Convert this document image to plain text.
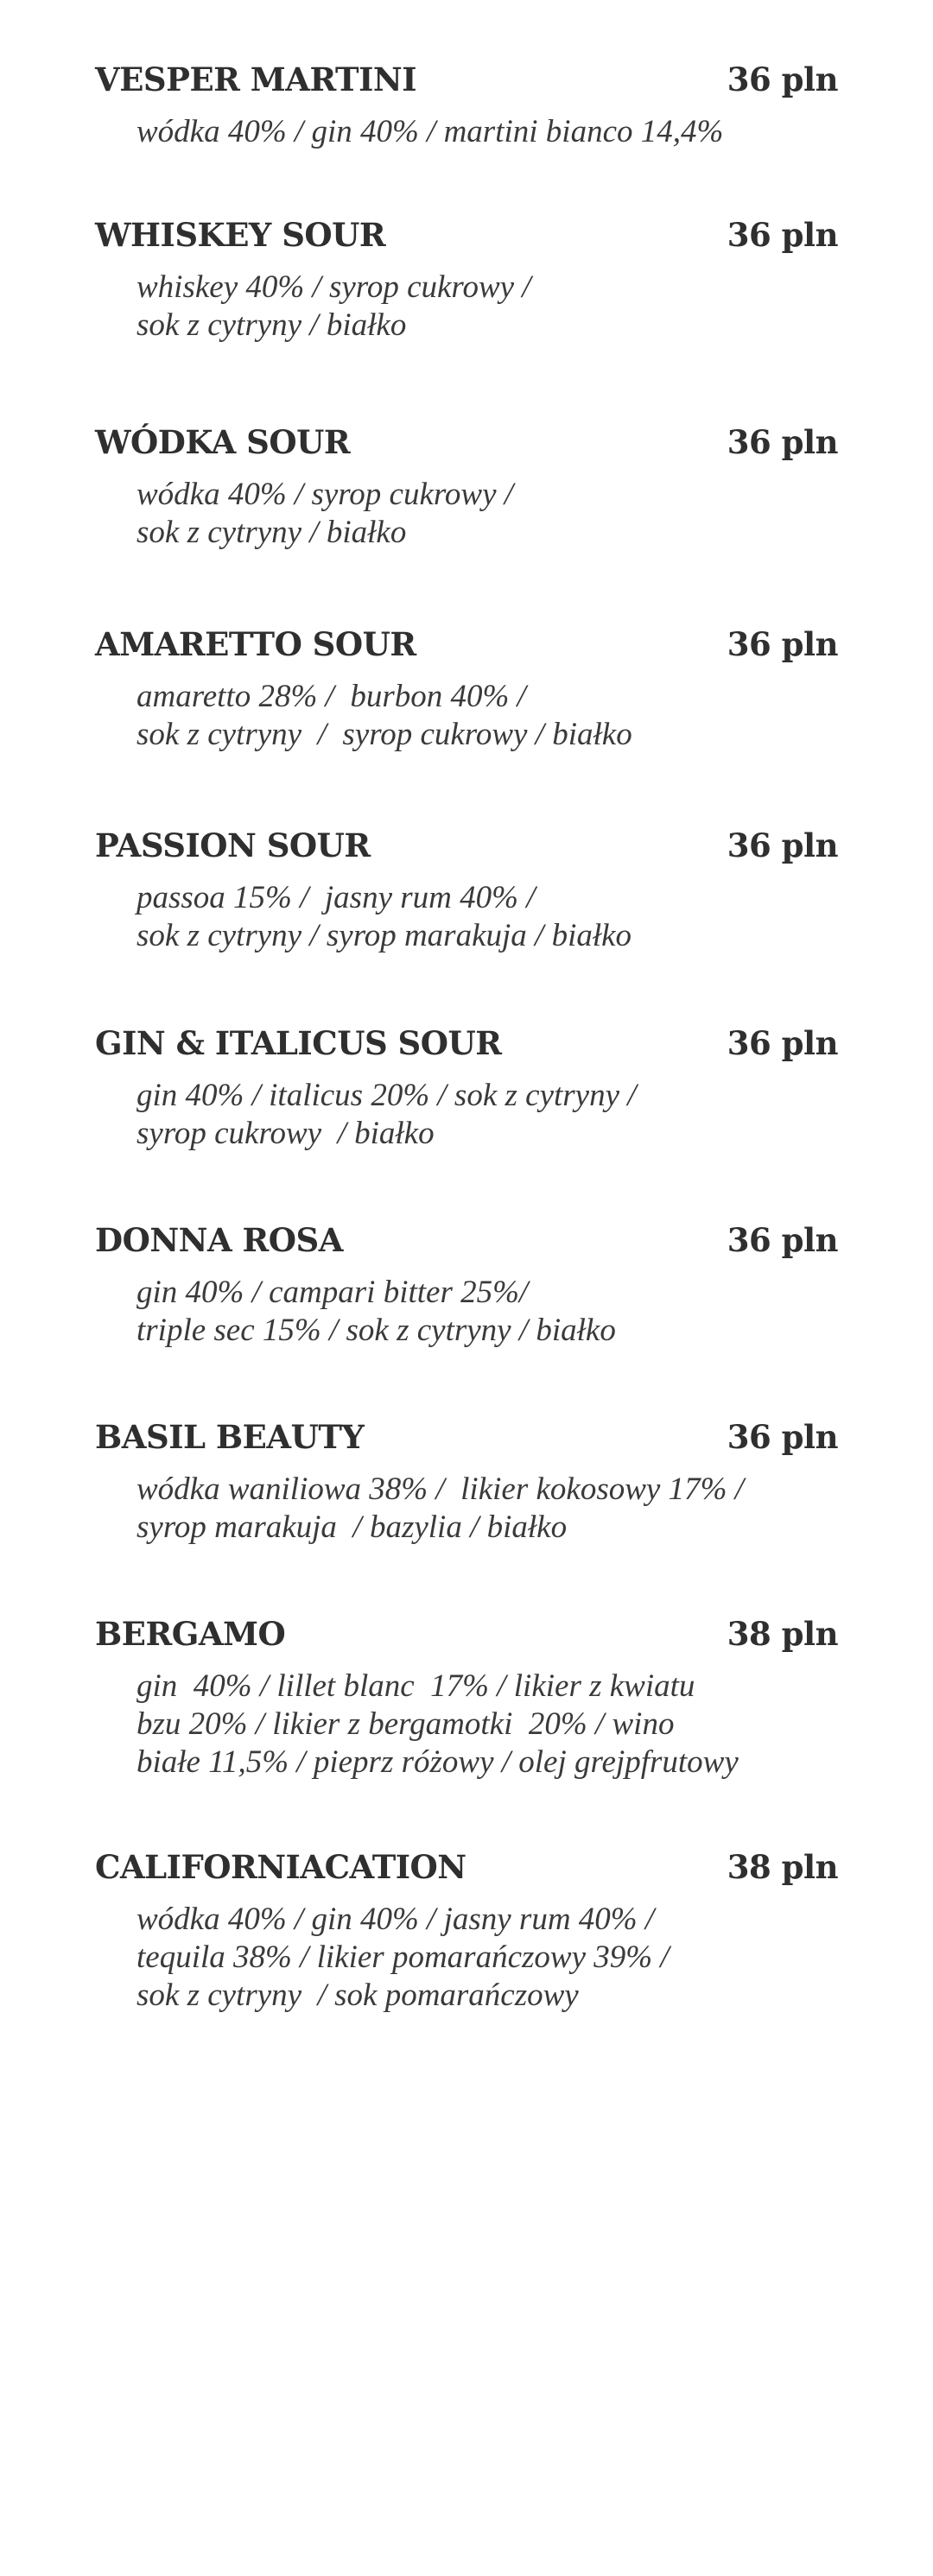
VESPER MARTINI	36 pln
wódka 40% / gin 40% / martini bianco 14,4%
WHISKEY SOUR	36 pln
whiskey 40% / syrop cukrowy /
sok z cytryny / białko
WÓDKA SOUR	36 pln
wódka 40% / syrop cukrowy /
sok z cytryny / białko
AMARETTO SOUR	36 pln
amaretto 28% /  burbon 40% /
sok z cytryny  /  syrop cukrowy / białko
PASSION SOUR	36 pln
passoa 15% /  jasny rum 40% /
sok z cytryny / syrop marakuja / białko
GIN & ITALICUS SOUR	36 pln
gin 40% / italicus 20% / sok z cytryny /
syrop cukrowy  / białko
DONNA ROSA	36 pln
gin 40% / campari bitter 25%/
triple sec 15% / sok z cytryny / białko
BASIL BEAUTY	36 pln
wódka waniliowa 38% /  likier kokosowy 17% /
syrop marakuja  / bazylia / białko
BERGAMO	38 pln
gin  40% / lillet blanc  17% / likier z kwiatu
bzu 20% / likier z bergamotki  20% / wino
białe 11,5% / pieprz różowy / olej grejpfrutowy
CALIFORNIACATION	38 pln
wódka 40% / gin 40% / jasny rum 40% /
tequila 38% / likier pomarańczowy 39% /
sok z cytryny  / sok pomarańczowy
